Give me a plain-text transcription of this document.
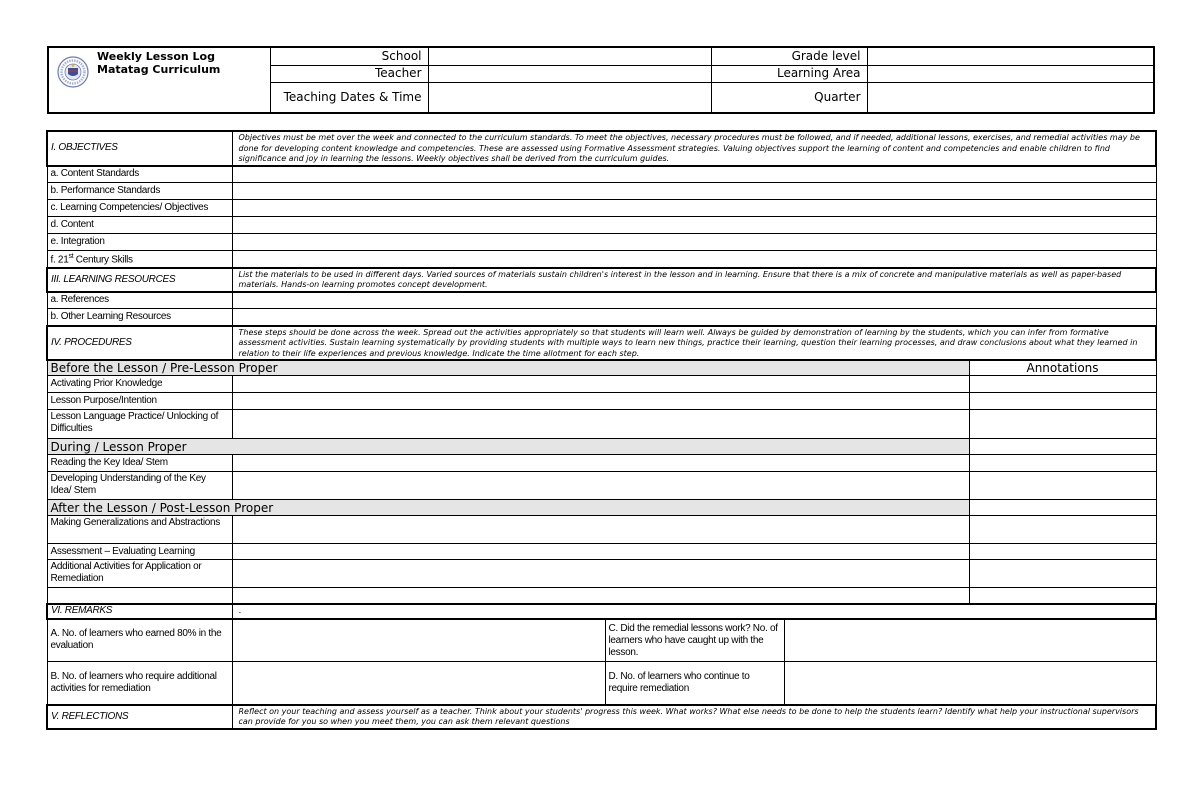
Weekly Lesson Log
Matatag Curriculum
School		Grade level	
Teacher		Learning Area	
Teaching Dates & Time		Quarter	
I. OBJECTIVES	Objectives must be met over the week and connected to the curriculum standards. To meet the objectives, necessary procedures must be followed, and if needed, additional lessons, exercises, and remedial activities may be done for developing content knowledge and competencies. These are assessed using Formative Assessment strategies. Valuing objectives support the learning of content and competencies and enable children to find significance and joy in learning the lessons. Weekly objectives shall be derived from the curriculum guides.			
a. Content Standards				
b. Performance Standards				
c. Learning Competencies/ Objectives				
d. Content				
e. Integration				
f. 21st Century Skills				
III. LEARNING RESOURCES	List the materials to be used in different days. Varied sources of materials sustain children's interest in the lesson and in learning. Ensure that there is a mix of concrete and manipulative materials as well as paper-based materials. Hands-on learning promotes concept development.			
a. References				
b. Other Learning Resources				
IV. PROCEDURES	These steps should be done across the week. Spread out the activities appropriately so that students will learn well. Always be guided by demonstration of learning by the students, which you can infer from formative assessment activities. Sustain learning systematically by providing students with multiple ways to learn new things, practice their learning, question their learning processes, and draw conclusions about what they learned in relation to their life experiences and previous knowledge. Indicate the time allotment for each step.			
Before the Lesson / Pre-Lesson Proper				Annotations
Activating Prior Knowledge				
Lesson Purpose/Intention				
Lesson Language Practice/ Unlocking of Difficulties				
During / Lesson Proper				
Reading the Key Idea/ Stem				
Developing Understanding of the Key Idea/ Stem				
After the Lesson / Post-Lesson Proper				
Making Generalizations and Abstractions				
Assessment – Evaluating Learning				
Additional Activities for Application or Remediation				

VI. REMARKS	.			
A. No. of learners who earned 80% in the evaluation		C. Did the remedial lessons work? No. of learners who have caught up with the lesson.		
B. No. of learners who require additional activities for remediation		D. No. of learners who continue to require remediation		
V. REFLECTIONS	Reflect on your teaching and assess yourself as a teacher. Think about your students' progress this week. What works? What else needs to be done to help the students learn? Identify what help your instructional supervisors can provide for you so when you meet them, you can ask them relevant questions			
